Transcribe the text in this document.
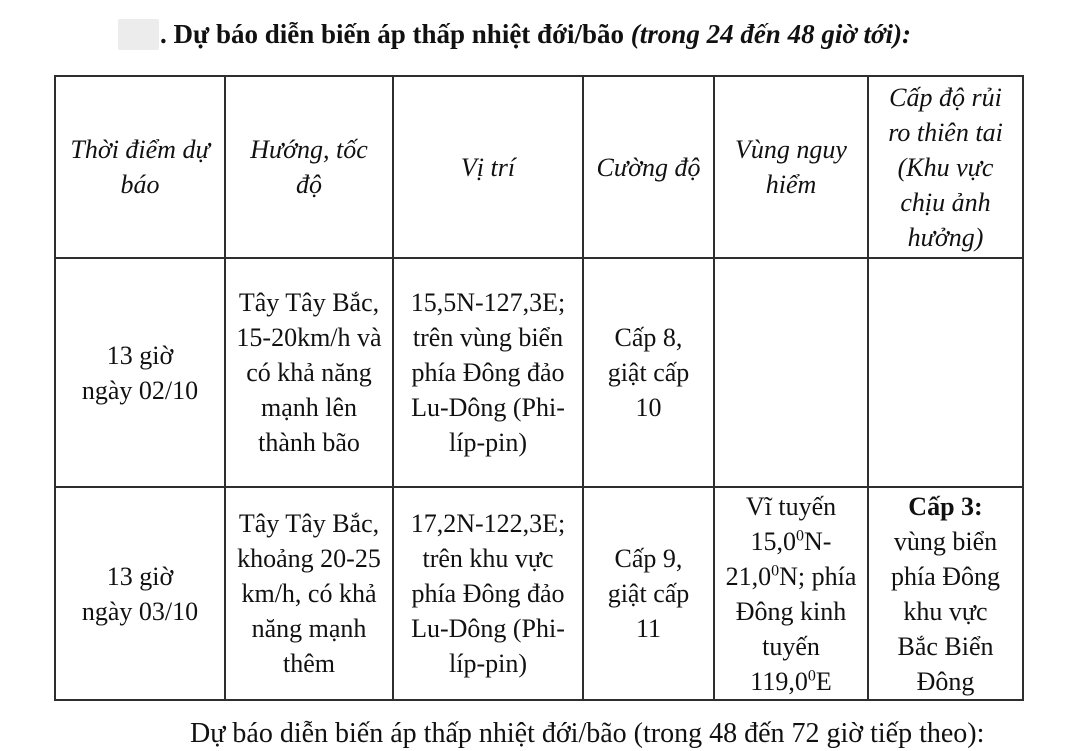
. Dự báo diễn biến áp thấp nhiệt đới/bão (trong 24 đến 48 giờ tới):
Thời điểm dự báo	Hướng, tốc độ	Vị trí	Cường độ	Vùng nguy hiểm	Cấp độ rủi ro thiên tai (Khu vực chịu ảnh hưởng)

13 giờ
ngày 02/10	Tây Tây Bắc, 15-20km/h và có khả năng mạnh lên thành bão	15,5N-127,3E; trên vùng biển phía Đông đảo Lu-Dông (Phi-líp-pin)	Cấp 8, giật cấp 10		

13 giờ
ngày 03/10	Tây Tây Bắc, khoảng 20-25 km/h, có khả năng mạnh thêm	17,2N-122,3E; trên khu vực phía Đông đảo Lu-Dông (Phi-líp-pin)	Cấp 9, giật cấp 11	Vĩ tuyến 15,0$^0$N-21,0$^0$N; phía Đông kinh tuyến 119,0$^0$E	Cấp 3:
vùng biển phía Đông khu vực Bắc Biển Đông
Dự báo diễn biến áp thấp nhiệt đới/bão (trong 48 đến 72 giờ tiếp theo):
